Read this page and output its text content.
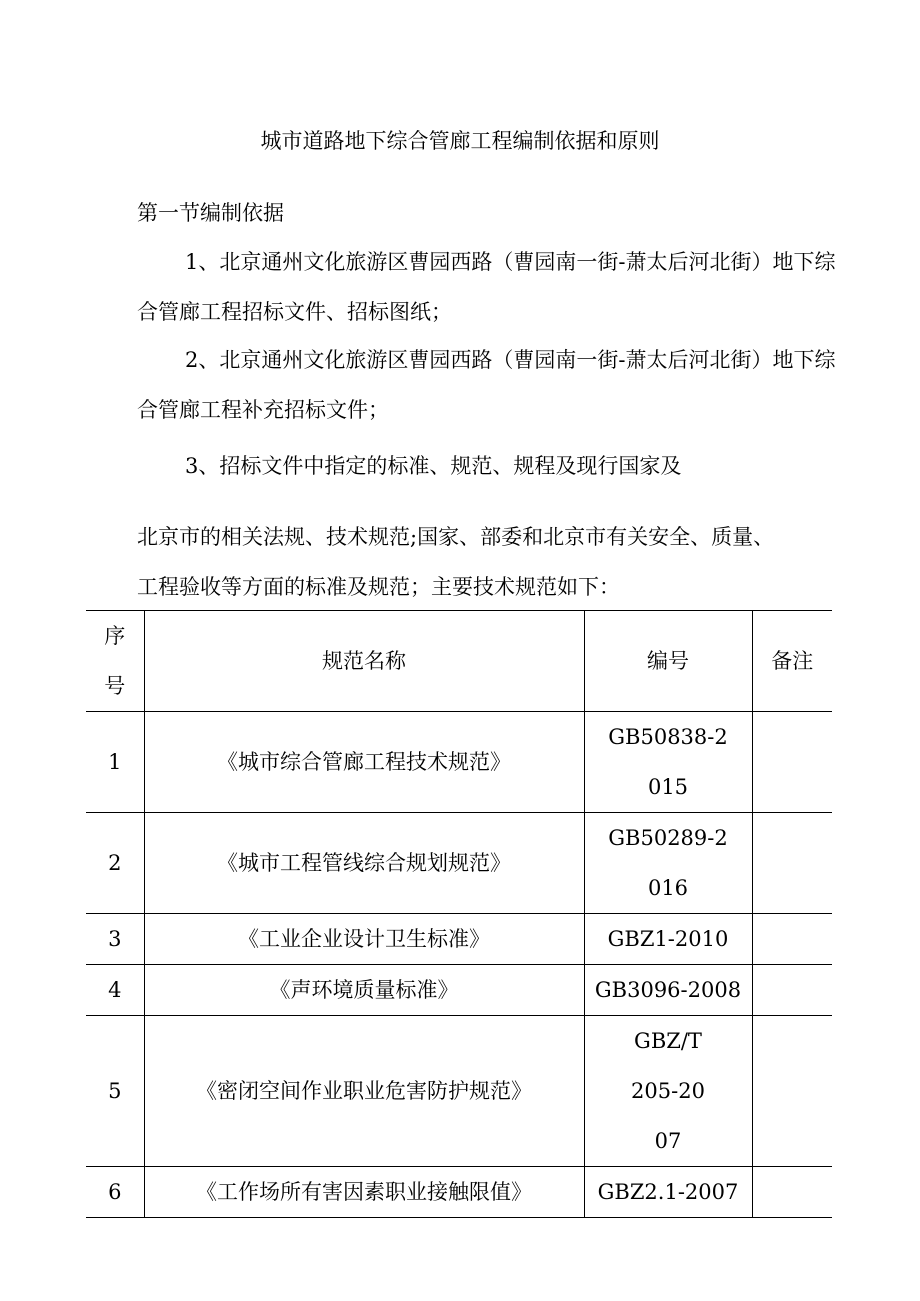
城市道路地下综合管廊工程编制依据和原则
第一节编制依据
1、北京通州文化旅游区曹园西路（曹园南一街-萧太后河北街）地下综合管廊工程招标文件、招标图纸；
2、北京通州文化旅游区曹园西路（曹园南一街-萧太后河北街）地下综合管廊工程补充招标文件；
3、招标文件中指定的标准、规范、规程及现行国家及
北京市的相关法规、技术规范;国家、部委和北京市有关安全、质量、
工程验收等方面的标准及规范；主要技术规范如下：
序号	规范名称	编号	备注
1	《城市综合管廊工程技术规范》	GB50838-2015	
2	《城市工程管线综合规划规范》	GB50289-2016	
3	《工业企业设计卫生标准》	GBZ1-2010	
4	《声环境质量标准》	GB3096-2008	
5	《密闭空间作业职业危害防护规范》	GBZ/T 205-2007	
6	《工作场所有害因素职业接触限值》	GBZ2.1-2007	
